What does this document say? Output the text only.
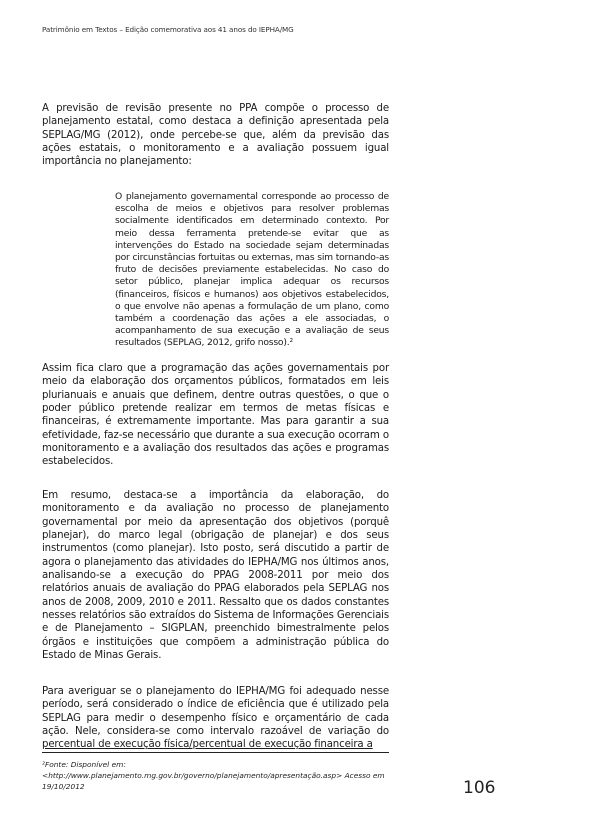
Patrimônio em Textos – Edição comemorativa aos 41 anos do IEPHA/MG
A previsão de revisão presente no PPA compõe o processo de planejamento estatal, como destaca a definição apresentada pela SEPLAG/MG (2012), onde percebe-se que, além da previsão das ações estatais, o monitoramento e a avaliação possuem igual importância no planejamento:
O planejamento governamental corresponde ao processo de escolha de meios e objetivos para resolver problemas socialmente identificados em determinado contexto. Por meio dessa ferramenta pretende-se evitar que as intervenções do Estado na sociedade sejam determinadas por circunstâncias fortuitas ou externas, mas sim tornando-as fruto de decisões previamente estabelecidas. No caso do setor público, planejar implica adequar os recursos (financeiros, físicos e humanos) aos objetivos estabelecidos, o que envolve não apenas a formulação de um plano, como também a coordenação das ações a ele associadas, o acompanhamento de sua execução e a avaliação de seus resultados (SEPLAG, 2012, grifo nosso).²
Assim fica claro que a programação das ações governamentais por meio da elaboração dos orçamentos públicos, formatados em leis plurianuais e anuais que definem, dentre outras questões, o que o poder público pretende realizar em termos de metas físicas e financeiras, é extremamente importante. Mas para garantir a sua efetividade, faz-se necessário que durante a sua execução ocorram o monitoramento e a avaliação dos resultados das ações e programas estabelecidos.
Em resumo, destaca-se a importância da elaboração, do monitoramento e da avaliação no processo de planejamento governamental por meio da apresentação dos objetivos (porquê planejar), do marco legal (obrigação de planejar) e dos seus instrumentos (como planejar). Isto posto, será discutido a partir de agora o planejamento das atividades do IEPHA/MG nos últimos anos, analisando-se a execução do PPAG 2008-2011 por meio dos relatórios anuais de avaliação do PPAG elaborados pela SEPLAG nos anos de 2008, 2009, 2010 e 2011. Ressalto que os dados constantes nesses relatórios são extraídos do Sistema de Informações Gerenciais e de Planejamento – SIGPLAN, preenchido bimestralmente pelos órgãos e instituições que compõem a administração pública do Estado de Minas Gerais.
Para averiguar se o planejamento do IEPHA/MG foi adequado nesse período, será considerado o índice de eficiência que é utilizado pela SEPLAG para medir o desempenho físico e orçamentário de cada ação. Nele, considera-se como intervalo razoável de variação do percentual de execução física/percentual de execução financeira a
²Fonte: Disponível em: <http://www.planejamento.mg.gov.br/governo/planejamento/apresentação.asp> Acesso em 19/10/2012	106
